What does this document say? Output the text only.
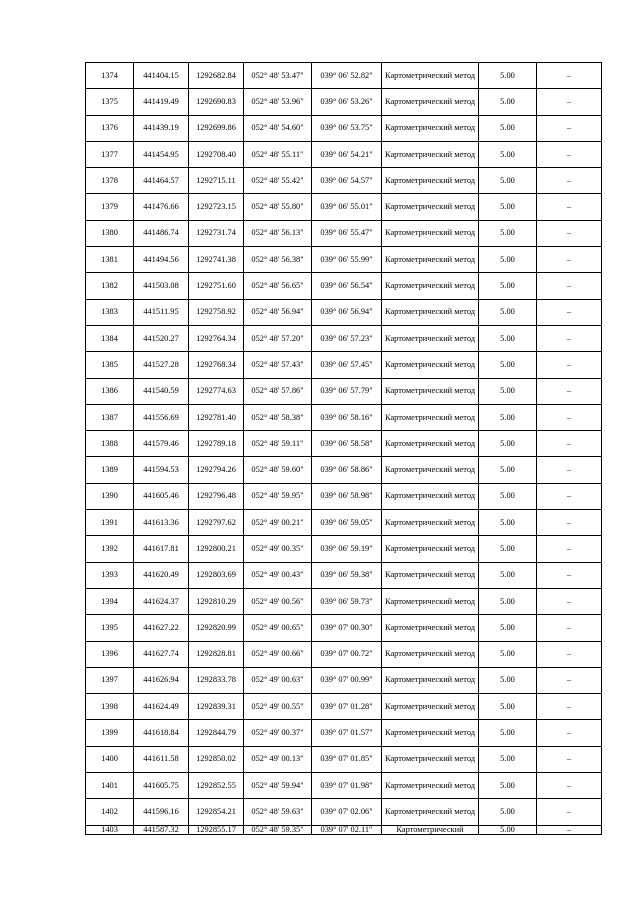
1374	441404.15	1292682.84	052° 48' 53.47"	039° 06' 52.82"	Картометрический метод	5.00	–
1375	441419.49	1292690.83	052° 48' 53.96"	039° 06' 53.26"	Картометрический метод	5.00	–
1376	441439.19	1292699.86	052° 48' 54.60"	039° 06' 53.75"	Картометрический метод	5.00	–
1377	441454.95	1292708.40	052° 48' 55.11"	039° 06' 54.21"	Картометрический метод	5.00	–
1378	441464.57	1292715.11	052° 48' 55.42"	039° 06' 54.57"	Картометрический метод	5.00	–
1379	441476.66	1292723.15	052° 48' 55.80"	039° 06' 55.01"	Картометрический метод	5.00	–
1380	441486.74	1292731.74	052° 48' 56.13"	039° 06' 55.47"	Картометрический метод	5.00	–
1381	441494.56	1292741.38	052° 48' 56.38"	039° 06' 55.99"	Картометрический метод	5.00	–
1382	441503.08	1292751.60	052° 48' 56.65"	039° 06' 56.54"	Картометрический метод	5.00	–
1383	441511.95	1292758.92	052° 48' 56.94"	039° 06' 56.94"	Картометрический метод	5.00	–
1384	441520.27	1292764.34	052° 48' 57.20"	039° 06' 57.23"	Картометрический метод	5.00	–
1385	441527.28	1292768.34	052° 48' 57.43"	039° 06' 57.45"	Картометрический метод	5.00	–
1386	441540.59	1292774.63	052° 48' 57.86"	039° 06' 57.79"	Картометрический метод	5.00	–
1387	441556.69	1292781.40	052° 48' 58.38"	039° 06' 58.16"	Картометрический метод	5.00	–
1388	441579.46	1292789.18	052° 48' 59.11"	039° 06' 58.58"	Картометрический метод	5.00	–
1389	441594.53	1292794.26	052° 48' 59.60"	039° 06' 58.86"	Картометрический метод	5.00	–
1390	441605.46	1292796.48	052° 48' 59.95"	039° 06' 58.98"	Картометрический метод	5.00	–
1391	441613.36	1292797.62	052° 49' 00.21"	039° 06' 59.05"	Картометрический метод	5.00	–
1392	441617.81	1292800.21	052° 49' 00.35"	039° 06' 59.19"	Картометрический метод	5.00	–
1393	441620.49	1292803.69	052° 49' 00.43"	039° 06' 59.38"	Картометрический метод	5.00	–
1394	441624.37	1292810.29	052° 49' 00.56"	039° 06' 59.73"	Картометрический метод	5.00	–
1395	441627.22	1292820.99	052° 49' 00.65"	039° 07' 00.30"	Картометрический метод	5.00	–
1396	441627.74	1292828.81	052° 49' 00.66"	039° 07' 00.72"	Картометрический метод	5.00	–
1397	441626.94	1292833.78	052° 49' 00.63"	039° 07' 00.99"	Картометрический метод	5.00	–
1398	441624.49	1292839.31	052° 49' 00.55"	039° 07' 01.28"	Картометрический метод	5.00	–
1399	441618.84	1292844.79	052° 49' 00.37"	039° 07' 01.57"	Картометрический метод	5.00	–
1400	441611.58	1292850.02	052° 49' 00.13"	039° 07' 01.85"	Картометрический метод	5.00	–
1401	441605.75	1292852.55	052° 48' 59.94"	039° 07' 01.98"	Картометрический метод	5.00	–
1402	441596.16	1292854.21	052° 48' 59.63"	039° 07' 02.06"	Картометрический метод	5.00	–
1403	441587.32	1292855.17	052° 48' 59.35"	039° 07' 02.11"	Картометрический	5.00	–
